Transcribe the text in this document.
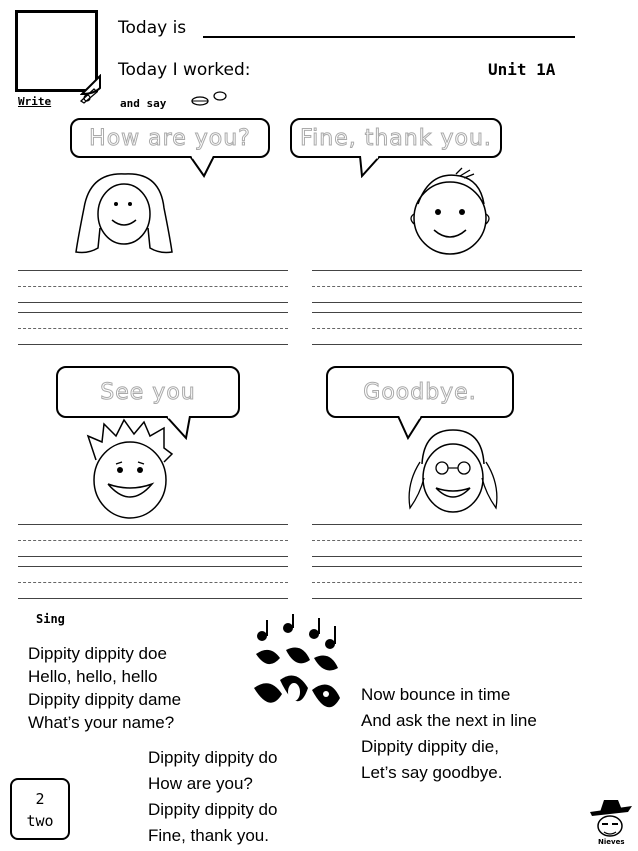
Today is
Today I worked:	Unit 1A
Write	and say
How are you? Fine, thank you.
See you	Goodbye.
Sing
Dippity dippity doe
Hello, hello, hello
Dippity dippity dame
What’s your name?
Dippity dippity do
How are you?
Dippity dippity do
Fine, thank you.
Now bounce in time
And ask the next in line
Dippity dippity die,
Let’s say goodbye.
2
two
Nieves
